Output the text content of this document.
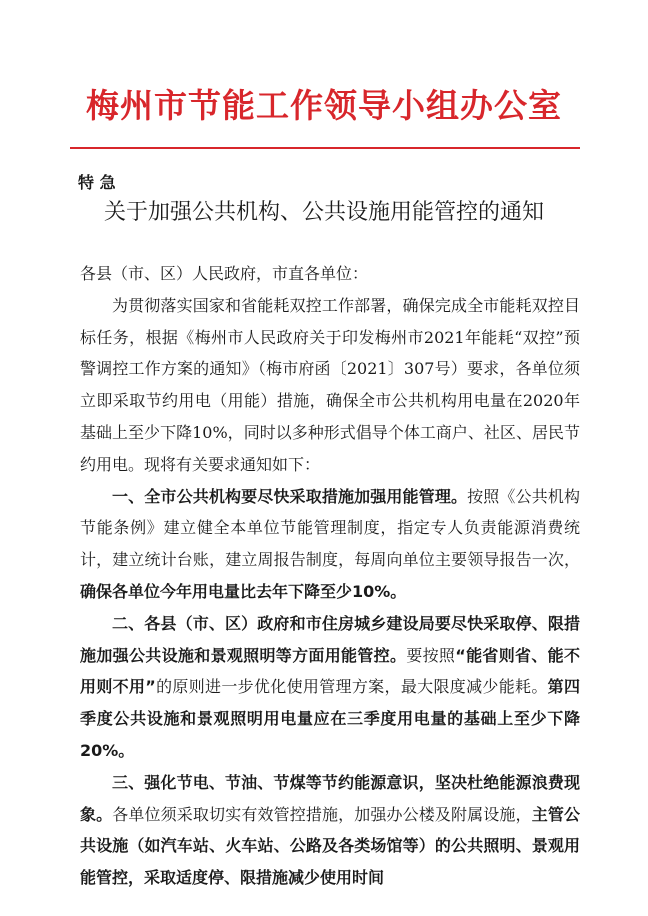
梅州市节能工作领导小组办公室
特 急
关于加强公共机构、公共设施用能管控的通知

各县（市、区）人民政府，市直各单位：

为贯彻落实国家和省能耗双控工作部署，确保完成全市能耗双控目标任务，根据《梅州市人民政府关于印发梅州市2021年能耗“双控”预警调控工作方案的通知》（梅市府函〔2021〕307号）要求，各单位须立即采取节约用电（用能）措施，确保全市公共机构用电量在2020年基础上至少下降10%，同时以多种形式倡导个体工商户、社区、居民节约用电。现将有关要求通知如下：

一、全市公共机构要尽快采取措施加强用能管理。按照《公共机构节能条例》建立健全本单位节能管理制度，指定专人负责能源消费统计，建立统计台账，建立周报告制度，每周向单位主要领导报告一次，确保各单位今年用电量比去年下降至少10%。

二、各县（市、区）政府和市住房城乡建设局要尽快采取停、限措施加强公共设施和景观照明等方面用能管控。要按照“能省则省、能不用则不用”的原则进一步优化使用管理方案，最大限度减少能耗。第四季度公共设施和景观照明用电量应在三季度用电量的基础上至少下降20%。

三、强化节电、节油、节煤等节约能源意识，坚决杜绝能源浪费现象。各单位须采取切实有效管控措施，加强办公楼及附属设施，主管公共设施（如汽车站、火车站、公路及各类场馆等）的公共照明、景观用能管控，采取适度停、限措施减少使用时间
